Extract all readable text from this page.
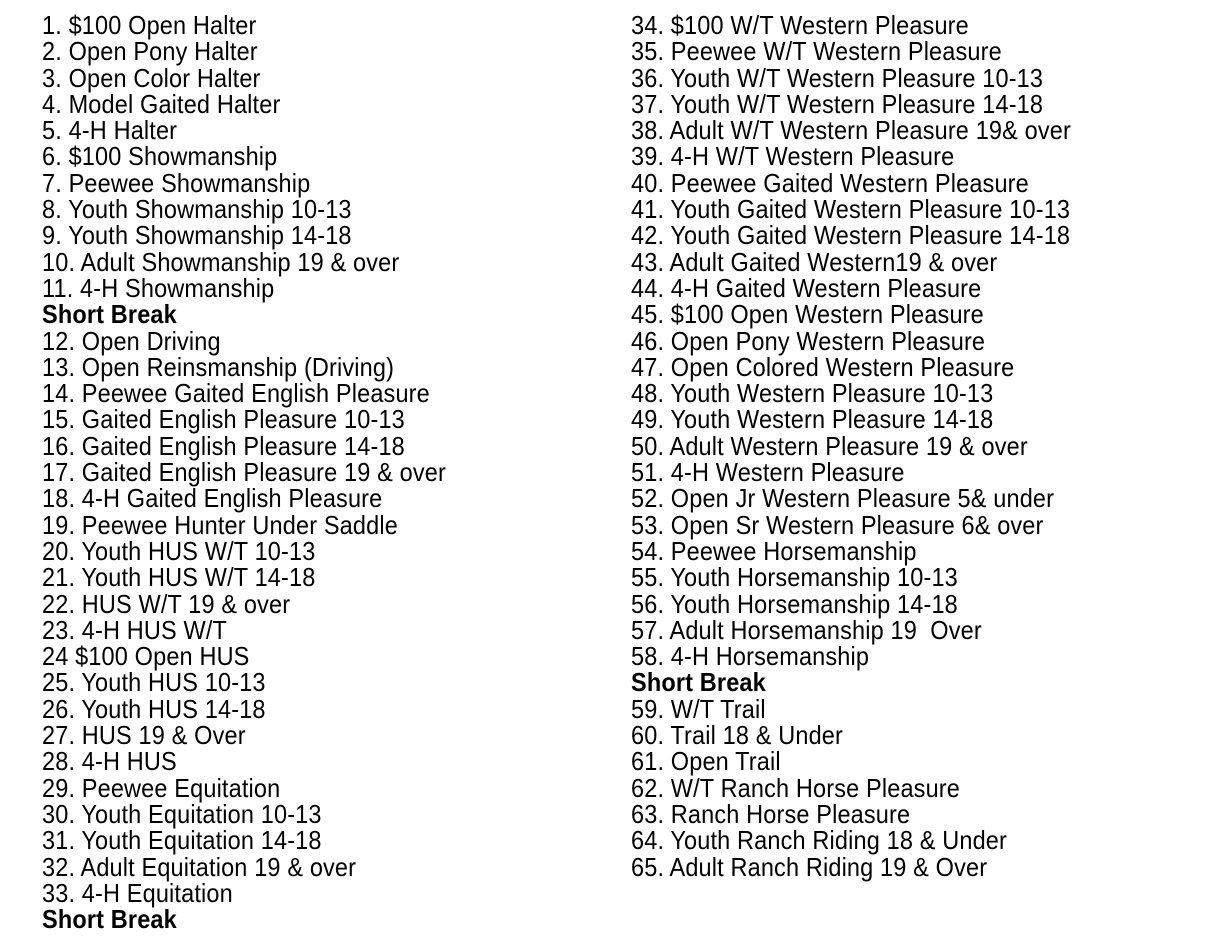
1. $100 Open Halter
2. Open Pony Halter
3. Open Color Halter
4. Model Gaited Halter
5. 4-H Halter
6. $100 Showmanship
7. Peewee Showmanship
8. Youth Showmanship 10-13
9. Youth Showmanship 14-18
10. Adult Showmanship 19 & over
11. 4-H Showmanship
Short Break
12. Open Driving
13. Open Reinsmanship (Driving)
14. Peewee Gaited English Pleasure
15. Gaited English Pleasure 10-13
16. Gaited English Pleasure 14-18
17. Gaited English Pleasure 19 & over
18. 4-H Gaited English Pleasure
19. Peewee Hunter Under Saddle
20. Youth HUS W/T 10-13
21. Youth HUS W/T 14-18
22. HUS W/T 19 & over
23. 4-H HUS W/T
24 $100 Open HUS
25. Youth HUS 10-13
26. Youth HUS 14-18
27. HUS 19 & Over
28. 4-H HUS
29. Peewee Equitation
30. Youth Equitation 10-13
31. Youth Equitation 14-18
32. Adult Equitation 19 & over
33. 4-H Equitation
Short Break
34. $100 W/T Western Pleasure
35. Peewee W/T Western Pleasure
36. Youth W/T Western Pleasure 10-13
37. Youth W/T Western Pleasure 14-18
38. Adult W/T Western Pleasure 19& over
39. 4-H W/T Western Pleasure
40. Peewee Gaited Western Pleasure
41. Youth Gaited Western Pleasure 10-13
42. Youth Gaited Western Pleasure 14-18
43. Adult Gaited Western19 & over
44. 4-H Gaited Western Pleasure
45. $100 Open Western Pleasure
46. Open Pony Western Pleasure
47. Open Colored Western Pleasure
48. Youth Western Pleasure 10-13
49. Youth Western Pleasure 14-18
50. Adult Western Pleasure 19 & over
51. 4-H Western Pleasure
52. Open Jr Western Pleasure 5& under
53. Open Sr Western Pleasure 6& over
54. Peewee Horsemanship
55. Youth Horsemanship 10-13
56. Youth Horsemanship 14-18
57. Adult Horsemanship 19  Over
58. 4-H Horsemanship
Short Break
59. W/T Trail
60. Trail 18 & Under
61. Open Trail
62. W/T Ranch Horse Pleasure
63. Ranch Horse Pleasure
64. Youth Ranch Riding 18 & Under
65. Adult Ranch Riding 19 & Over
